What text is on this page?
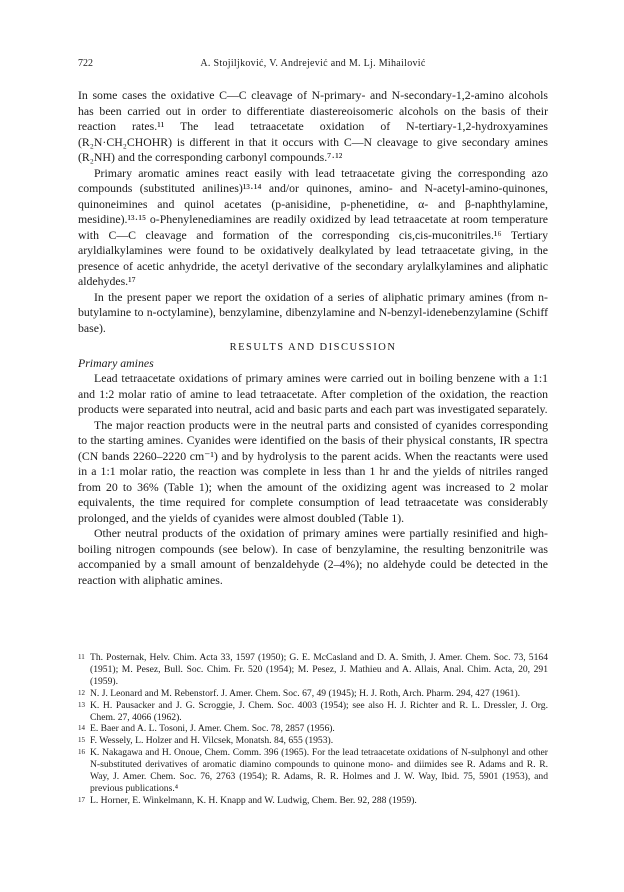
722	A. Stojiljković, V. Andrejević and M. Lj. Mihailović

In some cases the oxidative C—C cleavage of N-primary- and N-secondary-1,2-amino alcohols has been carried out in order to differentiate diastereoisomeric alcohols on the basis of their reaction rates.¹¹ The lead tetraacetate oxidation of N-tertiary-1,2-hydroxyamines (R₂N·CH₂CHOHR) is different in that it occurs with C—N cleavage to give secondary amines (R₂NH) and the corresponding carbonyl compounds.⁷·¹²

Primary aromatic amines react easily with lead tetraacetate giving the corresponding azo compounds (substituted anilines)¹³·¹⁴ and/or quinones, amino- and N-acetyl-amino-quinones, quinoneimines and quinol acetates (p-anisidine, p-phenetidine, α- and β-naphthylamine, mesidine).¹³·¹⁵ o-Phenylenediamines are readily oxidized by lead tetraacetate at room temperature with C—C cleavage and formation of the corresponding cis,cis-muconitriles.¹⁶ Tertiary aryldialkylamines were found to be oxidatively dealkylated by lead tetraacetate giving, in the presence of acetic anhydride, the acetyl derivative of the secondary arylalkylamines and aliphatic aldehydes.¹⁷

In the present paper we report the oxidation of a series of aliphatic primary amines (from n-butylamine to n-octylamine), benzylamine, dibenzylamine and N-benzyl-idenebenzylamine (Schiff base).

RESULTS AND DISCUSSION
Primary amines

Lead tetraacetate oxidations of primary amines were carried out in boiling benzene with a 1:1 and 1:2 molar ratio of amine to lead tetraacetate. After completion of the oxidation, the reaction products were separated into neutral, acid and basic parts and each part was investigated separately.

The major reaction products were in the neutral parts and consisted of cyanides corresponding to the starting amines. Cyanides were identified on the basis of their physical constants, IR spectra (CN bands 2260–2220 cm⁻¹) and by hydrolysis to the parent acids. When the reactants were used in a 1:1 molar ratio, the reaction was complete in less than 1 hr and the yields of nitriles ranged from 20 to 36% (Table 1); when the amount of the oxidizing agent was increased to 2 molar equivalents, the time required for complete consumption of lead tetraacetate was considerably prolonged, and the yields of cyanides were almost doubled (Table 1).

Other neutral products of the oxidation of primary amines were partially resinified and high-boiling nitrogen compounds (see below). In case of benzylamine, the resulting benzonitrile was accompanied by a small amount of benzaldehyde (2–4%); no aldehyde could be detected in the reaction with aliphatic amines.

11 Th. Posternak, Helv. Chim. Acta 33, 1597 (1950); G. E. McCasland and D. A. Smith, J. Amer. Chem. Soc. 73, 5164 (1951); M. Pesez, Bull. Soc. Chim. Fr. 520 (1954); M. Pesez, J. Mathieu and A. Allais, Anal. Chim. Acta, 20, 291 (1959).
12 N. J. Leonard and M. Rebenstorf. J. Amer. Chem. Soc. 67, 49 (1945); H. J. Roth, Arch. Pharm. 294, 427 (1961).
13 K. H. Pausacker and J. G. Scroggie, J. Chem. Soc. 4003 (1954); see also H. J. Richter and R. L. Dressler, J. Org. Chem. 27, 4066 (1962).
14 E. Baer and A. L. Tosoni, J. Amer. Chem. Soc. 78, 2857 (1956).
15 F. Wessely, L. Holzer and H. Vilcsek, Monatsh. 84, 655 (1953).
16 K. Nakagawa and H. Onoue, Chem. Comm. 396 (1965). For the lead tetraacetate oxidations of N-sulphonyl and other N-substituted derivatives of aromatic diamino compounds to quinone mono- and diimides see R. Adams and R. R. Way, J. Amer. Chem. Soc. 76, 2763 (1954); R. Adams, R. R. Holmes and J. W. Way, Ibid. 75, 5901 (1953), and previous publications.⁴
17 L. Horner, E. Winkelmann, K. H. Knapp and W. Ludwig, Chem. Ber. 92, 288 (1959).
